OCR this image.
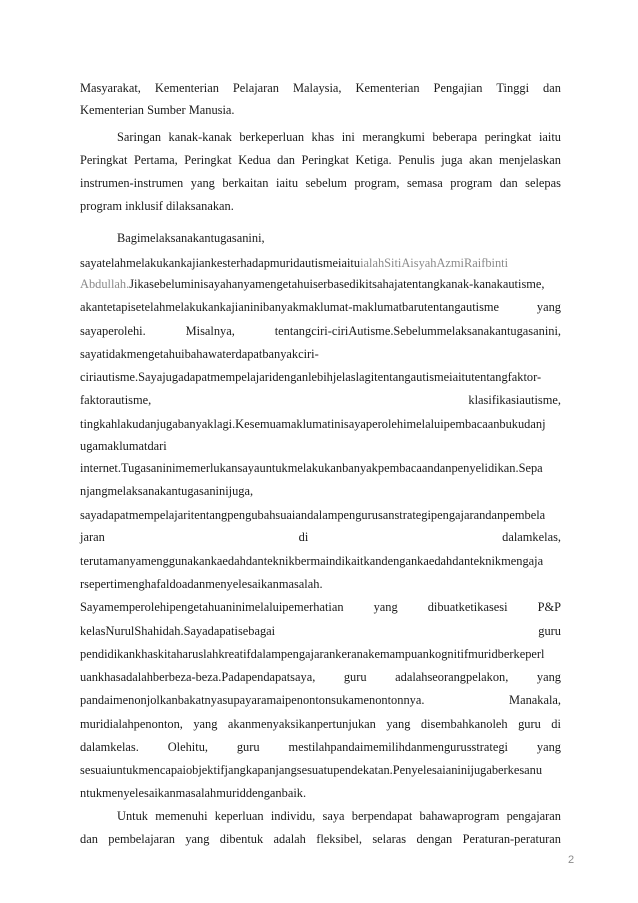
Masyarakat, Kementerian Pelajaran Malaysia, Kementerian Pengajian Tinggi dan
Kementerian Sumber Manusia.
Saringan kanak-kanak berkeperluan khas ini merangkumi beberapa peringkat iaitu
Peringkat Pertama, Peringkat Kedua dan Peringkat Ketiga. Penulis juga akan menjelaskan
instrumen-instrumen yang berkaitan iaitu sebelum program, semasa program dan selepas
program inklusif dilaksanakan.
Bagimelaksanakantugasanini,
sayatelahmelakukankajiankesterhadapmuridautismeiaituialahSitiAisyahAzmiRaifbinti
Abdullah.Jikasebeluminisayahanyamengetahuiserbasedikitsahajatentangkanak-kanakautisme,
akantetapisetelahmelakukankajianinibanyakmaklumat-maklumatbarutentangautisme	yang
sayaperolehi.	Misalnya,	tentangciri-ciriAutisme.Sebelummelaksanakantugasanini,
sayatidakmengetahuibahawaterdapatbanyakciri-
ciriautisme.Sayajugadapatmempelajaridenganlebihjelaslagitentangautismeiaitutentangfaktor-
faktorautisme,	klasifikasiautisme,
tingkahlakudanjugabanyaklagi.Kesemuamaklumatinisayaperolehimelaluipembacaanbukudanj
ugamaklumatdari
internet.Tugasaninimemerlukansayauntukmelakukanbanyakpembacaandanpenyelidikan.Sepa
njangmelaksanakantugasaninijuga,
sayadapatmempelajaritentangpengubahsuaiandalampengurusanstrategipengajarandanpembela
jaran	di	dalamkelas,
terutamanyamenggunakankaedahdanteknikbermaindikaitkandengankaedahdanteknikmengaja
rsepertimenghafaldoadanmenyelesaikanmasalah.
Sayamemperolehipengetahuaninimelaluipemerhatian yang dibuatketikasesi P&P
kelasNurulShahidah.Sayadapatisebagai	guru
pendidikankhaskitaharuslahkreatifdalampengajarankeranakemampuankognitifmuridberkeperl
uankhasadalahberbeza-beza.Padapendapatsaya, guru adalahseorangpelakon, yang
pandaimenonjolkanbakatnyasupayaramaipenontonsukamenontonnya.	Manakala,
muridialahpenonton, yang akanmenyaksikanpertunjukan yang disembahkanoleh guru di
dalamkelas. Olehitu, guru mestilahpandaimemilihdanmengurusstrategi yang
sesuaiuntukmencapaiobjektifjangkapanjangsesuatupendekatan.Penyelesaianinijugaberkesanu
ntukmenyelesaikanmasalahmuriddenganbaik.
Untuk memenuhi keperluan individu, saya berpendapat bahawaprogram pengajaran
dan pembelajaran yang dibentuk adalah fleksibel, selaras dengan Peraturan-peraturan
2
